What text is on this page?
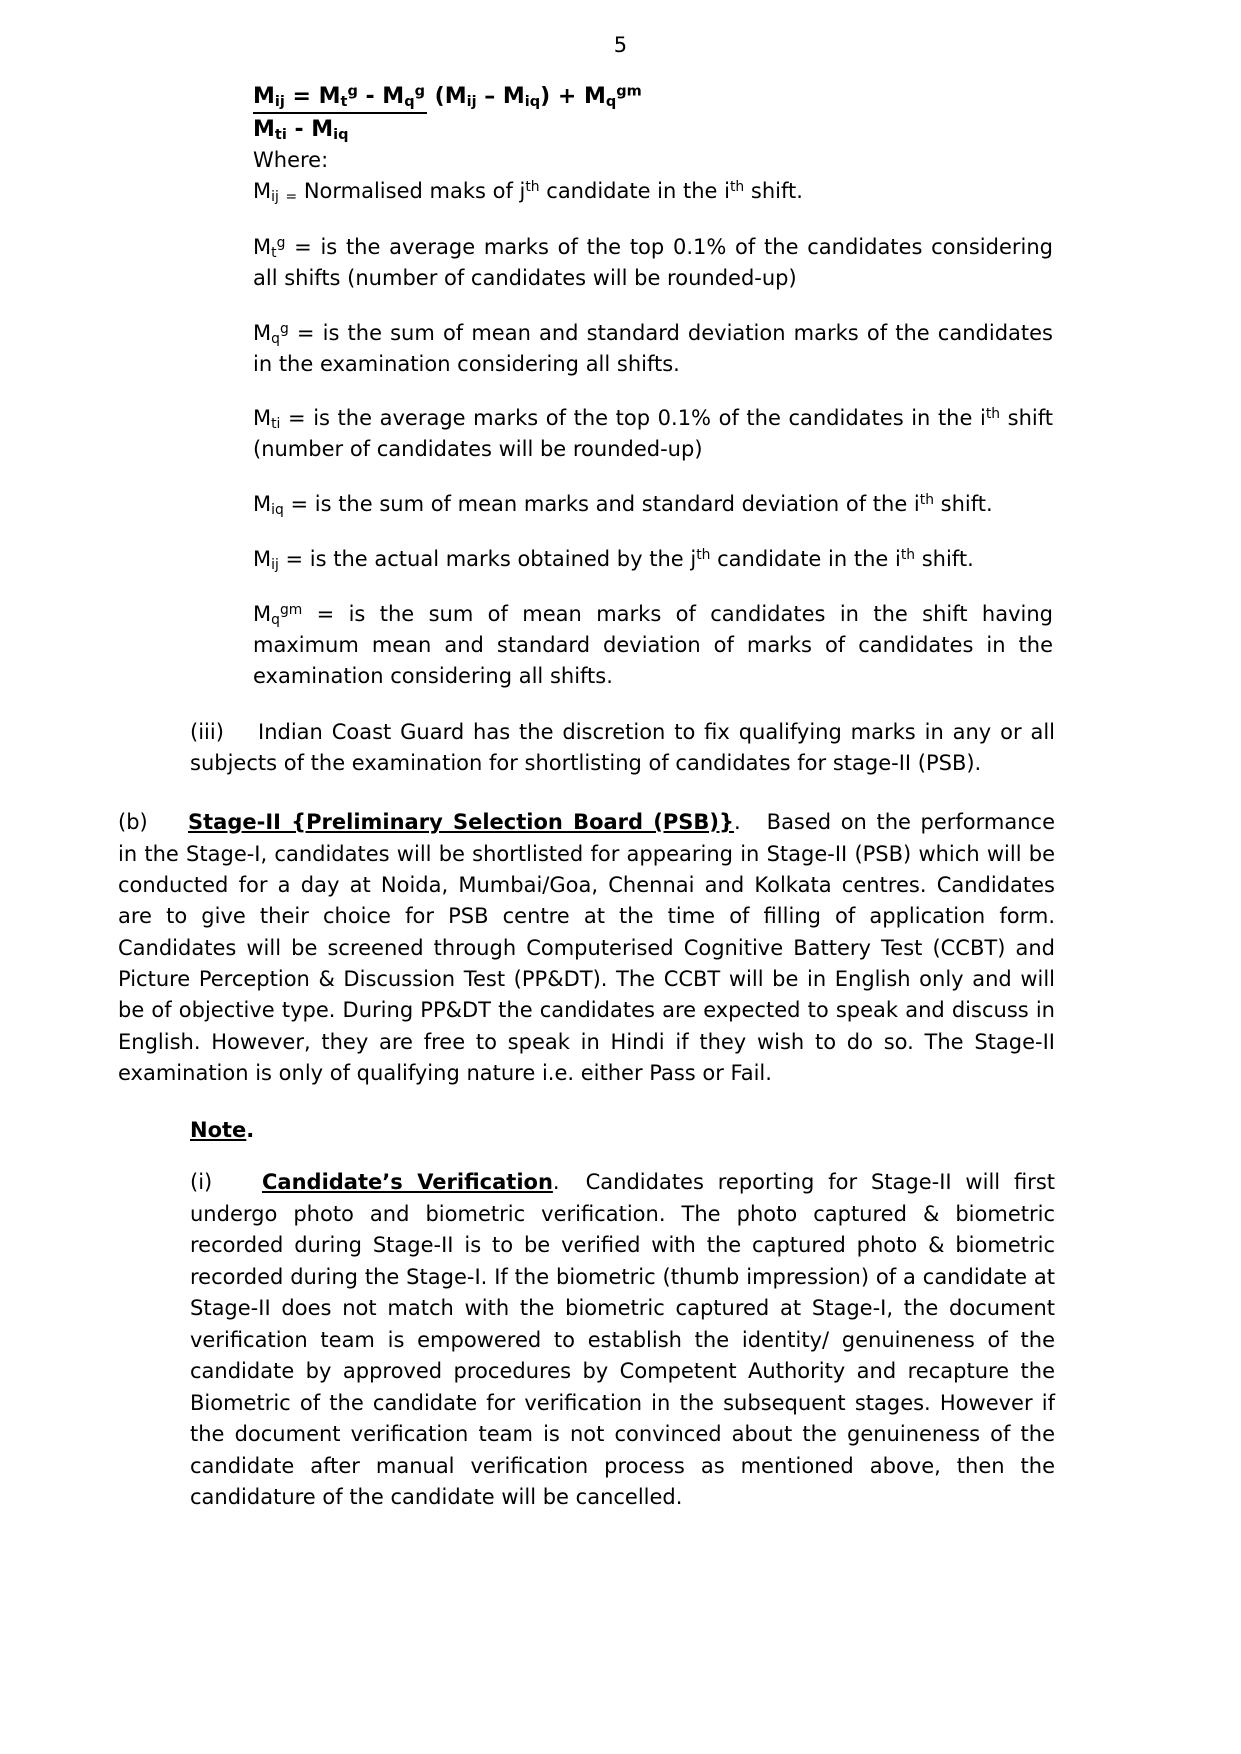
5
$M_{ij} = M_t^g - M_q^g$ $(M_{ij} - M_{iq}) + M_q^{gm}$
$M_{ti} - M_{iq}$

Where:

$M_{ij}$ $_=$ Normalised maks of $j^{th}$ candidate in the $i^{th}$ shift.

$M_t^g$ = is the average marks of the top 0.1% of the candidates considering all shifts (number of candidates will be rounded-up)

$M_q^g$ = is the sum of mean and standard deviation marks of the candidates in the examination considering all shifts.

$M_{ti}$ = is the average marks of the top 0.1% of the candidates in the $i^{th}$ shift (number of candidates will be rounded-up)

$M_{iq}$ = is the sum of mean marks and standard deviation of the $i^{th}$ shift.

$M_{ij}$ = is the actual marks obtained by the $j^{th}$ candidate in the $i^{th}$ shift.

$M_q^{gm}$ = is the sum of mean marks of candidates in the shift having maximum mean and standard deviation of marks of candidates in the examination considering all shifts.

(iii) Indian Coast Guard has the discretion to fix qualifying marks in any or all subjects of the examination for shortlisting of candidates for stage-II (PSB).

(b) Stage-II {Preliminary Selection Board (PSB)}. Based on the performance in the Stage-I, candidates will be shortlisted for appearing in Stage-II (PSB) which will be conducted for a day at Noida, Mumbai/Goa, Chennai and Kolkata centres. Candidates are to give their choice for PSB centre at the time of filling of application form. Candidates will be screened through Computerised Cognitive Battery Test (CCBT) and Picture Perception & Discussion Test (PP&DT). The CCBT will be in English only and will be of objective type. During PP&DT the candidates are expected to speak and discuss in English. However, they are free to speak in Hindi if they wish to do so. The Stage-II examination is only of qualifying nature i.e. either Pass or Fail.

Note.

(i) Candidate’s Verification. Candidates reporting for Stage-II will first undergo photo and biometric verification. The photo captured & biometric recorded during Stage-II is to be verified with the captured photo & biometric recorded during the Stage-I. If the biometric (thumb impression) of a candidate at Stage-II does not match with the biometric captured at Stage-I, the document verification team is empowered to establish the identity/ genuineness of the candidate by approved procedures by Competent Authority and recapture the Biometric of the candidate for verification in the subsequent stages. However if the document verification team is not convinced about the genuineness of the candidate after manual verification process as mentioned above, then the candidature of the candidate will be cancelled.
